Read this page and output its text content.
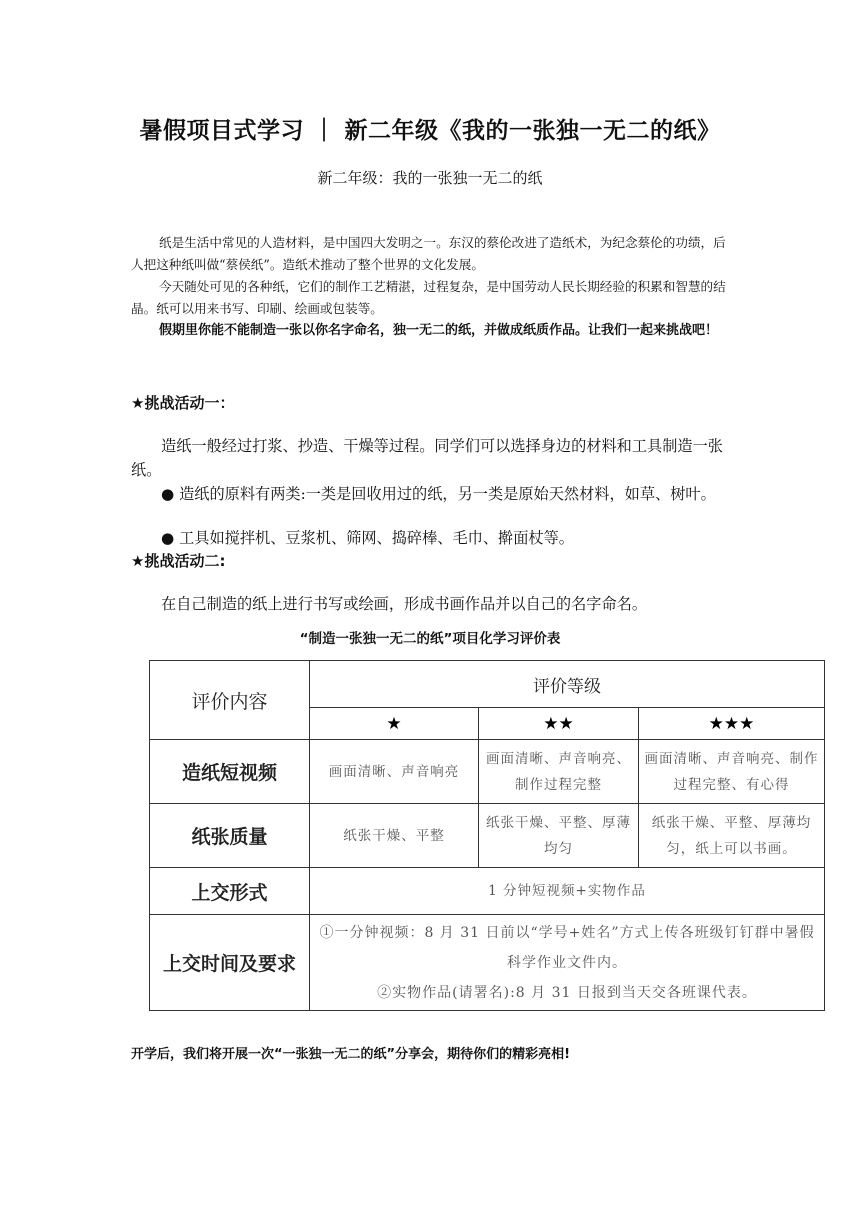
暑假项目式学习 ｜ 新二年级《我的一张独一无二的纸》
新二年级：我的一张独一无二的纸
纸是生活中常见的人造材料，是中国四大发明之一。东汉的蔡伦改进了造纸术，为纪念蔡伦的功绩，后人把这种纸叫做“蔡侯纸”。造纸术推动了整个世界的文化发展。
今天随处可见的各种纸，它们的制作工艺精湛，过程复杂，是中国劳动人民长期经验的积累和智慧的结晶。纸可以用来书写、印刷、绘画或包装等。
假期里你能不能制造一张以你名字命名，独一无二的纸，并做成纸质作品。让我们一起来挑战吧！
★挑战活动一：
造纸一般经过打浆、抄造、干燥等过程。同学们可以选择身边的材料和工具制造一张纸。
● 造纸的原料有两类:一类是回收用过的纸，另一类是原始天然材料，如草、树叶。
● 工具如搅拌机、豆浆机、筛网、捣碎棒、毛巾、擀面杖等。
★挑战活动二:
在自己制造的纸上进行书写或绘画，形成书画作品并以自己的名字命名。
“制造一张独一无二的纸”项目化学习评价表
评价内容	评价等级		
	★	★★	★★★
造纸短视频	画面清晰、声音响亮	画面清晰、声音响亮、 制作过程完整	画面清晰、声音响亮、制作过程完整、有心得
纸张质量	纸张干燥、平整	纸张干燥、平整、厚薄均匀	纸张干燥、平整、厚薄均匀，纸上可以书画。
上交形式	1 分钟短视频+实物作品		
上交时间及要求	①一分钟视频：8 月 31 日前以“学号+姓名”方式上传各班级钉钉群中暑假科学作业文件内。
②实物作品(请署名):8 月 31 日报到当天交各班课代表。		
开学后，我们将开展一次“一张独一无二的纸”分享会，期待你们的精彩亮相!
